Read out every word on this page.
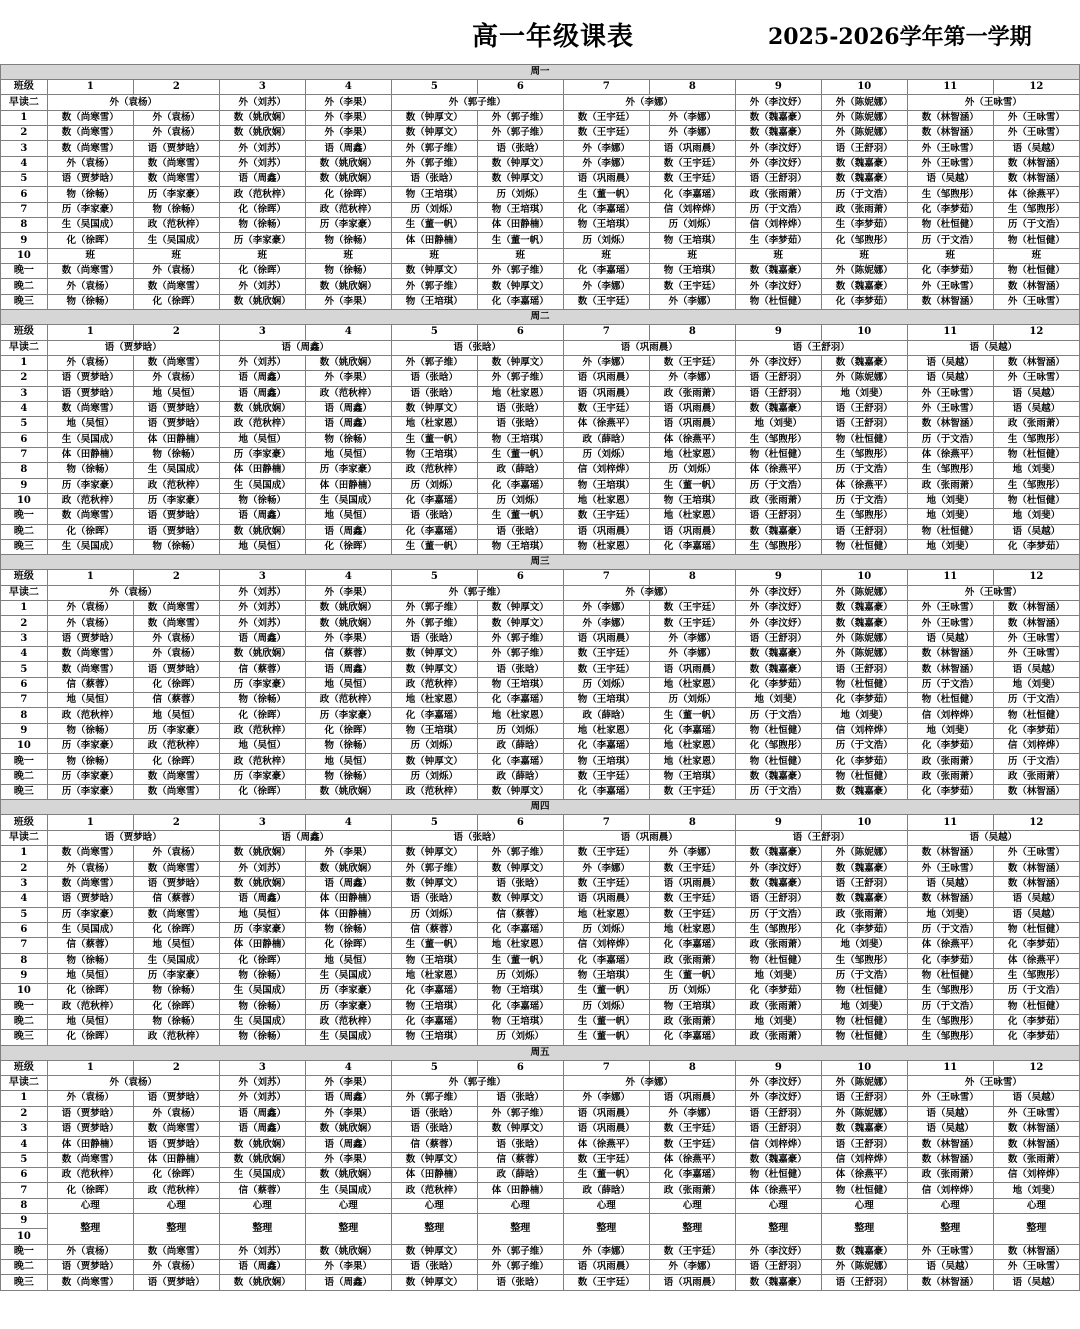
高一年级课表	2025-2026学年第一学期
周一												
班级	1	2	3	4	5	6	7	8	9	10	11	12
早读二	外（袁杨）		外（刘苏）	外（李果）	外（郭子维）		外（李娜）		外（李汶妤）	外（陈妮娜）	外（王咏雪）	
1	数（尚寒雪）	外（袁杨）	数（姚欣娴）	外（李果）	数（钟厚文）	外（郭子维）	数（王宇廷）	外（李娜）	数（魏嘉豪）	外（陈妮娜）	数（林智涵）	外（王咏雪）
2	数（尚寒雪）	外（袁杨）	数（姚欣娴）	外（李果）	数（钟厚文）	外（郭子维）	数（王宇廷）	外（李娜）	数（魏嘉豪）	外（陈妮娜）	数（林智涵）	外（王咏雪）
3	数（尚寒雪）	语（贾梦晗）	外（刘苏）	语（周鑫）	外（郭子维）	语（张晗）	外（李娜）	语（巩雨晨）	外（李汶妤）	语（王舒羽）	外（王咏雪）	语（吴越）
4	外（袁杨）	数（尚寒雪）	外（刘苏）	数（姚欣娴）	外（郭子维）	数（钟厚文）	外（李娜）	数（王宇廷）	外（李汶妤）	数（魏嘉豪）	外（王咏雪）	数（林智涵）
5	语（贾梦晗）	数（尚寒雪）	语（周鑫）	数（姚欣娴）	语（张晗）	数（钟厚文）	语（巩雨晨）	数（王宇廷）	语（王舒羽）	数（魏嘉豪）	语（吴越）	数（林智涵）
6	物（徐畅）	历（李家豪）	政（范秋梓）	化（徐晖）	物（王培琪）	历（刘烁）	生（董一帆）	化（李嘉瑶）	政（张雨萧）	历（于文浩）	生（邹煦彤）	体（徐燕平）
7	历（李家豪）	物（徐畅）	化（徐晖）	政（范秋梓）	历（刘烁）	物（王培琪）	化（李嘉瑶）	信（刘梓烨）	历（于文浩）	政（张雨萧）	化（李梦茹）	生（邹煦彤）
8	生（吴国成）	政（范秋梓）	物（徐畅）	历（李家豪）	生（董一帆）	体（田静楠）	物（王培琪）	历（刘烁）	信（刘梓烨）	生（李梦茹）	物（杜恒健）	历（于文浩）
9	化（徐晖）	生（吴国成）	历（李家豪）	物（徐畅）	体（田静楠）	生（董一帆）	历（刘烁）	物（王培琪）	生（李梦茹）	化（邹煦彤）	历（于文浩）	物（杜恒健）
10	班	班	班	班	班	班	班	班	班	班	班	班
晚一	数（尚寒雪）	外（袁杨）	化（徐晖）	物（徐畅）	数（钟厚文）	外（郭子维）	化（李嘉瑶）	物（王培琪）	数（魏嘉豪）	外（陈妮娜）	化（李梦茹）	物（杜恒健）
晚二	外（袁杨）	数（尚寒雪）	外（刘苏）	数（姚欣娴）	外（郭子维）	数（钟厚文）	外（李娜）	数（王宇廷）	外（李汶妤）	数（魏嘉豪）	外（王咏雪）	数（林智涵）
晚三	物（徐畅）	化（徐晖）	数（姚欣娴）	外（李果）	物（王培琪）	化（李嘉瑶）	数（王宇廷）	外（李娜）	物（杜恒健）	化（李梦茹）	数（林智涵）	外（王咏雪）
周二												
班级	1	2	3	4	5	6	7	8	9	10	11	12
早读二	语（贾梦晗）		语（周鑫）		语（张晗）		语（巩雨晨）		语（王舒羽）		语（吴越）	
1	外（袁杨）	数（尚寒雪）	外（刘苏）	数（姚欣娴）	外（郭子维）	数（钟厚文）	外（李娜）	数（王宇廷）	外（李汶妤）	数（魏嘉豪）	语（吴越）	数（林智涵）
2	语（贾梦晗）	外（袁杨）	语（周鑫）	外（李果）	语（张晗）	外（郭子维）	语（巩雨晨）	外（李娜）	语（王舒羽）	外（陈妮娜）	语（吴越）	外（王咏雪）
3	语（贾梦晗）	地（吴恒）	语（周鑫）	政（范秋梓）	语（张晗）	地（杜家恩）	语（巩雨晨）	政（张雨萧）	语（王舒羽）	地（刘斐）	外（王咏雪）	语（吴越）
4	数（尚寒雪）	语（贾梦晗）	数（姚欣娴）	语（周鑫）	数（钟厚文）	语（张晗）	数（王宇廷）	语（巩雨晨）	数（魏嘉豪）	语（王舒羽）	外（王咏雪）	语（吴越）
5	地（吴恒）	语（贾梦晗）	政（范秋梓）	语（周鑫）	地（杜家恩）	语（张晗）	体（徐燕平）	语（巩雨晨）	地（刘斐）	语（王舒羽）	数（林智涵）	政（张雨萧）
6	生（吴国成）	体（田静楠）	地（吴恒）	物（徐畅）	生（董一帆）	物（王培琪）	政（薛晗）	体（徐燕平）	生（邹煦彤）	物（杜恒健）	历（于文浩）	生（邹煦彤）
7	体（田静楠）	物（徐畅）	历（李家豪）	地（吴恒）	物（王培琪）	生（董一帆）	历（刘烁）	地（杜家恩）	物（杜恒健）	生（邹煦彤）	体（徐燕平）	物（杜恒健）
8	物（徐畅）	生（吴国成）	体（田静楠）	历（李家豪）	政（范秋梓）	政（薛晗）	信（刘梓烨）	历（刘烁）	体（徐燕平）	历（于文浩）	生（邹煦彤）	地（刘斐）
9	历（李家豪）	政（范秋梓）	生（吴国成）	体（田静楠）	历（刘烁）	化（李嘉瑶）	物（王培琪）	生（董一帆）	历（于文浩）	体（徐燕平）	政（张雨萧）	生（邹煦彤）
10	政（范秋梓）	历（李家豪）	物（徐畅）	生（吴国成）	化（李嘉瑶）	历（刘烁）	地（杜家恩）	物（王培琪）	政（张雨萧）	历（于文浩）	地（刘斐）	物（杜恒健）
晚一	数（尚寒雪）	语（贾梦晗）	语（周鑫）	地（吴恒）	语（张晗）	生（董一帆）	数（王宇廷）	地（杜家恩）	语（王舒羽）	生（邹煦彤）	地（刘斐）	地（刘斐）
晚二	化（徐晖）	语（贾梦晗）	数（姚欣娴）	语（周鑫）	化（李嘉瑶）	语（张晗）	语（巩雨晨）	语（巩雨晨）	数（魏嘉豪）	语（王舒羽）	物（杜恒健）	语（吴越）
晚三	生（吴国成）	物（徐畅）	地（吴恒）	化（徐晖）	生（董一帆）	物（王培琪）	物（杜家恩）	化（李嘉瑶）	生（邹煦彤）	物（杜恒健）	地（刘斐）	化（李梦茹）
周三												
班级	1	2	3	4	5	6	7	8	9	10	11	12
早读二	外（袁杨）		外（刘苏）	外（李果）	外（郭子维）		外（李娜）		外（李汶妤）	外（陈妮娜）	外（王咏雪）	
1	外（袁杨）	数（尚寒雪）	外（刘苏）	数（姚欣娴）	外（郭子维）	数（钟厚文）	外（李娜）	数（王宇廷）	外（李汶妤）	数（魏嘉豪）	外（王咏雪）	数（林智涵）
2	外（袁杨）	数（尚寒雪）	外（刘苏）	数（姚欣娴）	外（郭子维）	数（钟厚文）	外（李娜）	数（王宇廷）	外（李汶妤）	数（魏嘉豪）	外（王咏雪）	数（林智涵）
3	语（贾梦晗）	外（袁杨）	语（周鑫）	外（李果）	语（张晗）	外（郭子维）	语（巩雨晨）	外（李娜）	语（王舒羽）	外（陈妮娜）	语（吴越）	外（王咏雪）
4	数（尚寒雪）	外（袁杨）	数（姚欣娴）	信（蔡蓉）	数（钟厚文）	外（郭子维）	数（王宇廷）	外（李娜）	数（魏嘉豪）	外（陈妮娜）	数（林智涵）	外（王咏雪）
5	数（尚寒雪）	语（贾梦晗）	信（蔡蓉）	语（周鑫）	数（钟厚文）	语（张晗）	数（王宇廷）	语（巩雨晨）	数（魏嘉豪）	语（王舒羽）	数（林智涵）	语（吴越）
6	信（蔡蓉）	化（徐晖）	历（李家豪）	地（吴恒）	政（范秋梓）	物（王培琪）	历（刘烁）	地（杜家恩）	化（李梦茹）	物（杜恒健）	历（于文浩）	地（刘斐）
7	地（吴恒）	信（蔡蓉）	物（徐畅）	政（范秋梓）	地（杜家恩）	化（李嘉瑶）	物（王培琪）	历（刘烁）	地（刘斐）	化（李梦茹）	物（杜恒健）	历（于文浩）
8	政（范秋梓）	地（吴恒）	化（徐晖）	历（李家豪）	化（李嘉瑶）	地（杜家恩）	政（薛晗）	生（董一帆）	历（于文浩）	地（刘斐）	信（刘梓烨）	物（杜恒健）
9	物（徐畅）	历（李家豪）	政（范秋梓）	化（徐晖）	物（王培琪）	历（刘烁）	地（杜家恩）	化（李嘉瑶）	物（杜恒健）	信（刘梓烨）	地（刘斐）	化（李梦茹）
10	历（李家豪）	政（范秋梓）	地（吴恒）	物（徐畅）	历（刘烁）	政（薛晗）	化（李嘉瑶）	地（杜家恩）	化（邹煦彤）	历（于文浩）	化（李梦茹）	信（刘梓烨）
晚一	物（徐畅）	化（徐晖）	政（范秋梓）	地（吴恒）	数（钟厚文）	化（李嘉瑶）	物（王培琪）	地（杜家恩）	物（杜恒健）	化（李梦茹）	政（张雨萧）	历（于文浩）
晚二	历（李家豪）	数（尚寒雪）	历（李家豪）	物（徐畅）	历（刘烁）	政（薛晗）	数（王宇廷）	物（王培琪）	数（魏嘉豪）	物（杜恒健）	政（张雨萧）	政（张雨萧）
晚三	历（李家豪）	数（尚寒雪）	化（徐晖）	数（姚欣娴）	政（范秋梓）	数（钟厚文）	化（李嘉瑶）	数（王宇廷）	历（于文浩）	数（魏嘉豪）	化（李梦茹）	数（林智涵）
周四												
班级	1	2	3	4	5	6	7	8	9	10	11	12
早读二	语（贾梦晗）		语（周鑫）		语（张晗）		语（巩雨晨）		语（王舒羽）		语（吴越）	
1	数（尚寒雪）	外（袁杨）	数（姚欣娴）	外（李果）	数（钟厚文）	外（郭子维）	数（王宇廷）	外（李娜）	数（魏嘉豪）	外（陈妮娜）	数（林智涵）	外（王咏雪）
2	外（袁杨）	数（尚寒雪）	外（刘苏）	数（姚欣娴）	外（郭子维）	数（钟厚文）	外（李娜）	数（王宇廷）	外（李汶妤）	数（魏嘉豪）	外（王咏雪）	数（林智涵）
3	数（尚寒雪）	语（贾梦晗）	数（姚欣娴）	语（周鑫）	数（钟厚文）	语（张晗）	数（王宇廷）	语（巩雨晨）	数（魏嘉豪）	语（王舒羽）	语（吴越）	数（林智涵）
4	语（贾梦晗）	信（蔡蓉）	语（周鑫）	体（田静楠）	语（张晗）	数（钟厚文）	语（巩雨晨）	数（王宇廷）	语（王舒羽）	数（魏嘉豪）	数（林智涵）	语（吴越）
5	历（李家豪）	数（尚寒雪）	地（吴恒）	体（田静楠）	历（刘烁）	信（蔡蓉）	地（杜家恩）	数（王宇廷）	历（于文浩）	政（张雨萧）	地（刘斐）	语（吴越）
6	生（吴国成）	化（徐晖）	历（李家豪）	物（徐畅）	信（蔡蓉）	化（李嘉瑶）	历（刘烁）	地（杜家恩）	生（邹煦彤）	化（李梦茹）	历（于文浩）	物（杜恒健）
7	信（蔡蓉）	地（吴恒）	体（田静楠）	化（徐晖）	生（董一帆）	地（杜家恩）	信（刘梓烨）	化（李嘉瑶）	政（张雨萧）	地（刘斐）	体（徐燕平）	化（李梦茹）
8	物（徐畅）	生（吴国成）	化（徐晖）	地（吴恒）	物（王培琪）	生（董一帆）	化（李嘉瑶）	政（张雨萧）	物（杜恒健）	生（邹煦彤）	化（李梦茹）	体（徐燕平）
9	地（吴恒）	历（李家豪）	物（徐畅）	生（吴国成）	地（杜家恩）	历（刘烁）	物（王培琪）	生（董一帆）	地（刘斐）	历（于文浩）	物（杜恒健）	生（邹煦彤）
10	化（徐晖）	物（徐畅）	生（吴国成）	历（李家豪）	化（李嘉瑶）	物（王培琪）	生（董一帆）	历（刘烁）	化（李梦茹）	物（杜恒健）	生（邹煦彤）	历（于文浩）
晚一	政（范秋梓）	化（徐晖）	物（徐畅）	历（李家豪）	物（王培琪）	化（李嘉瑶）	历（刘烁）	物（王培琪）	政（张雨萧）	地（刘斐）	历（于文浩）	物（杜恒健）
晚二	地（吴恒）	物（徐畅）	生（吴国成）	政（范秋梓）	化（李嘉瑶）	物（王培琪）	生（董一帆）	政（张雨萧）	地（刘斐）	物（杜恒健）	生（邹煦彤）	化（李梦茹）
晚三	化（徐晖）	政（范秋梓）	物（徐畅）	生（吴国成）	物（王培琪）	历（刘烁）	生（董一帆）	化（李嘉瑶）	政（张雨萧）	物（杜恒健）	生（邹煦彤）	化（李梦茹）
周五												
班级	1	2	3	4	5	6	7	8	9	10	11	12
早读二	外（袁杨）		外（刘苏）	外（李果）	外（郭子维）		外（李娜）		外（李汶妤）	外（陈妮娜）	外（王咏雪）	
1	外（袁杨）	语（贾梦晗）	外（刘苏）	语（周鑫）	外（郭子维）	语（张晗）	外（李娜）	语（巩雨晨）	外（李汶妤）	语（王舒羽）	外（王咏雪）	语（吴越）
2	语（贾梦晗）	外（袁杨）	语（周鑫）	外（李果）	语（张晗）	外（郭子维）	语（巩雨晨）	外（李娜）	语（王舒羽）	外（陈妮娜）	语（吴越）	外（王咏雪）
3	语（贾梦晗）	数（尚寒雪）	语（周鑫）	数（姚欣娴）	语（张晗）	数（钟厚文）	语（巩雨晨）	数（王宇廷）	语（王舒羽）	数（魏嘉豪）	语（吴越）	数（林智涵）
4	体（田静楠）	语（贾梦晗）	数（姚欣娴）	语（周鑫）	信（蔡蓉）	语（张晗）	体（徐燕平）	数（王宇廷）	信（刘梓烨）	语（王舒羽）	数（林智涵）	数（林智涵）
5	数（尚寒雪）	体（田静楠）	数（姚欣娴）	外（李果）	数（钟厚文）	信（蔡蓉）	数（王宇廷）	体（徐燕平）	数（魏嘉豪）	信（刘梓烨）	数（林智涵）	数（张雨萧）
6	政（范秋梓）	化（徐晖）	生（吴国成）	数（姚欣娴）	体（田静楠）	政（薛晗）	生（董一帆）	化（李嘉瑶）	物（杜恒健）	体（徐燕平）	政（张雨萧）	信（刘梓烨）
7	化（徐晖）	政（范秋梓）	信（蔡蓉）	生（吴国成）	政（范秋梓）	体（田静楠）	政（薛晗）	政（张雨萧）	体（徐燕平）	物（杜恒健）	信（刘梓烨）	地（刘斐）
8	心理	心理	心理	心理	心理	心理	心理	心理	心理	心理	心理	心理
9	整理	整理	整理	整理	整理	整理	整理	整理	整理	整理	整理	整理
10												
晚一	外（袁杨）	数（尚寒雪）	外（刘苏）	数（姚欣娴）	数（钟厚文）	外（郭子维）	外（李娜）	数（王宇廷）	外（李汶妤）	数（魏嘉豪）	外（王咏雪）	数（林智涵）
晚二	语（贾梦晗）	外（袁杨）	语（周鑫）	外（李果）	语（张晗）	外（郭子维）	语（巩雨晨）	外（李娜）	语（王舒羽）	外（陈妮娜）	语（吴越）	外（王咏雪）
晚三	数（尚寒雪）	语（贾梦晗）	数（姚欣娴）	语（周鑫）	数（钟厚文）	语（张晗）	数（王宇廷）	语（巩雨晨）	数（魏嘉豪）	语（王舒羽）	数（林智涵）	语（吴越）
